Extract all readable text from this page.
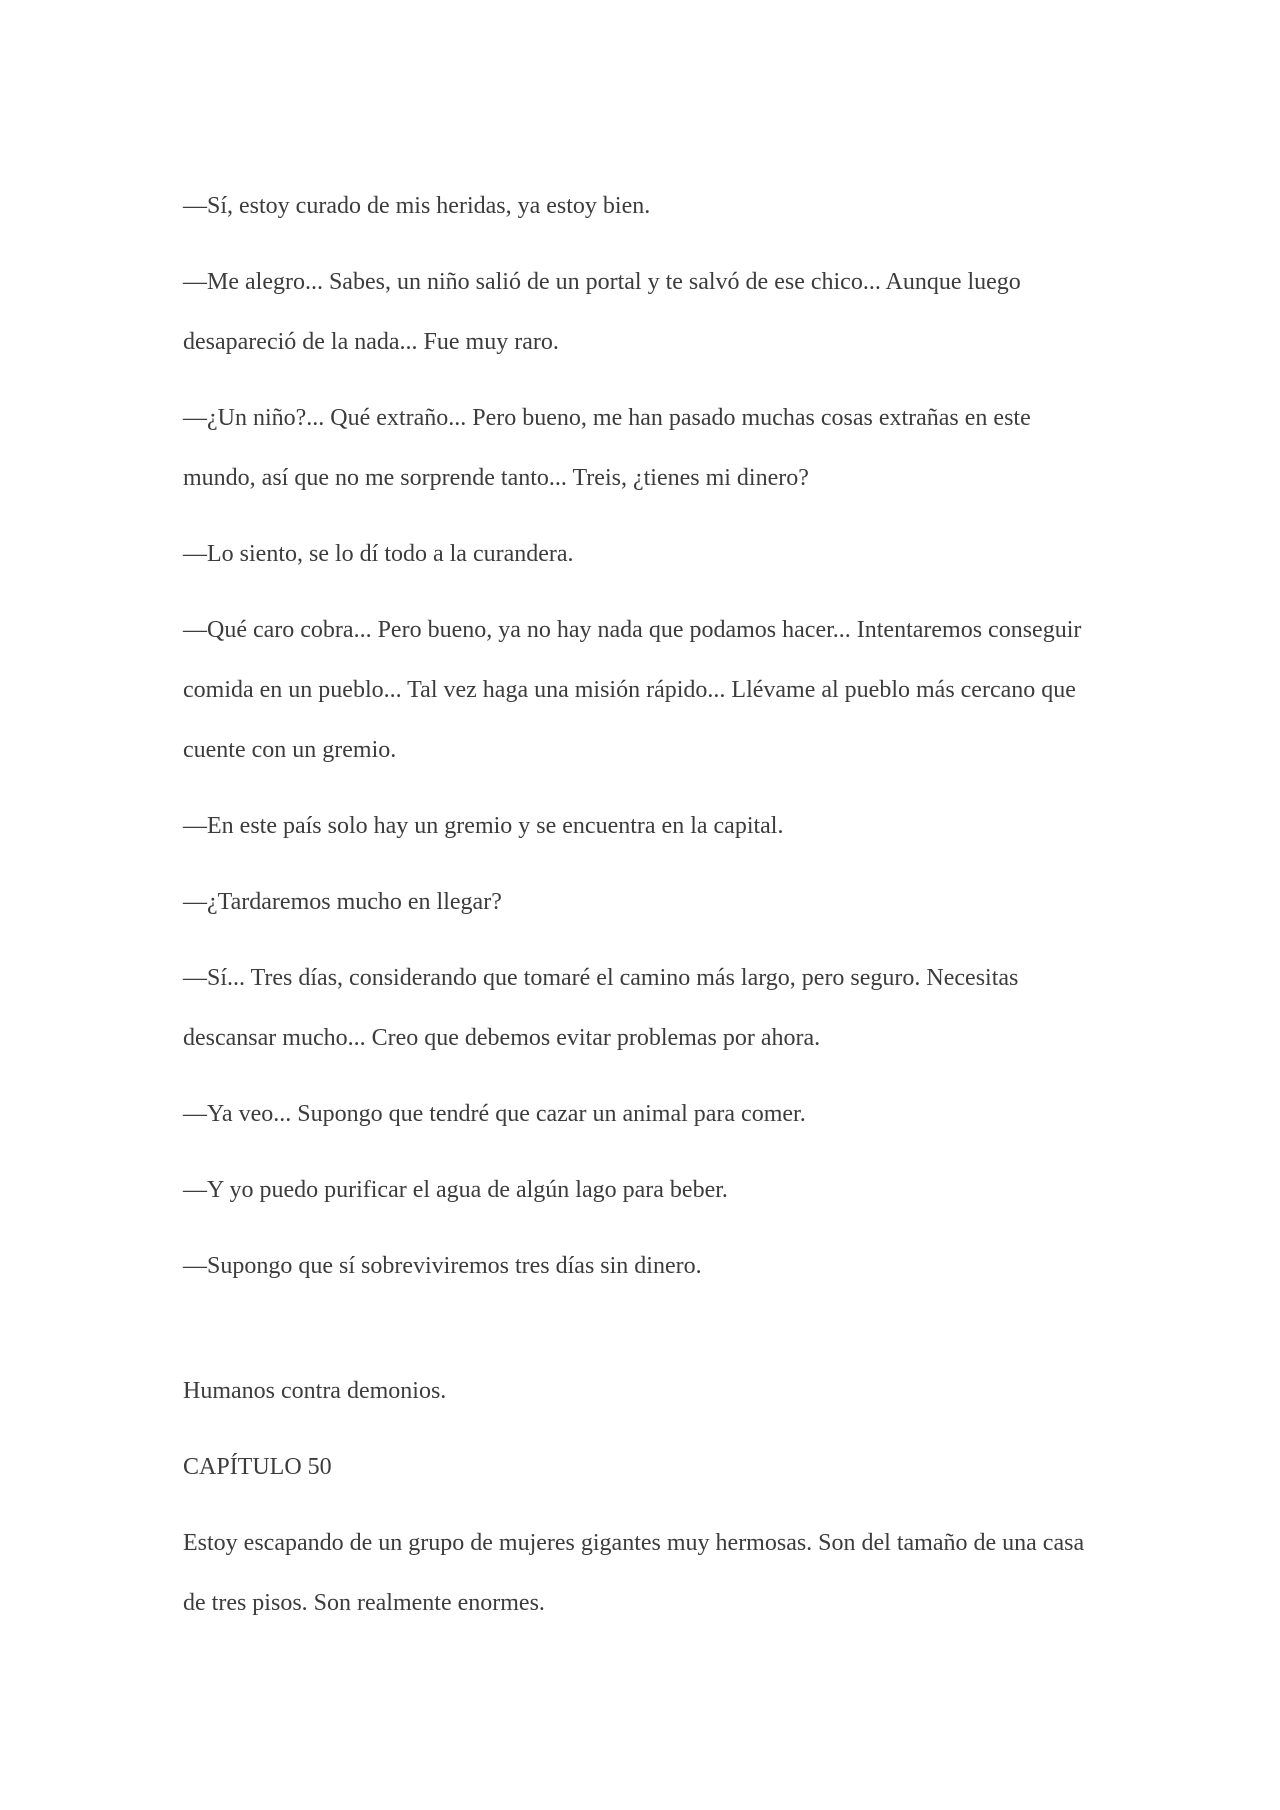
—Sí, estoy curado de mis heridas, ya estoy bien.

—Me alegro... Sabes, un niño salió de un portal y te salvó de ese chico... Aunque luego desapareció de la nada... Fue muy raro.

—¿Un niño?... Qué extraño... Pero bueno, me han pasado muchas cosas extrañas en este mundo, así que no me sorprende tanto... Treis, ¿tienes mi dinero?

—Lo siento, se lo dí todo a la curandera.

—Qué caro cobra... Pero bueno, ya no hay nada que podamos hacer... Intentaremos conseguir comida en un pueblo... Tal vez haga una misión rápido... Llévame al pueblo más cercano que cuente con un gremio.

—En este país solo hay un gremio y se encuentra en la capital.

—¿Tardaremos mucho en llegar?

—Sí... Tres días, considerando que tomaré el camino más largo, pero seguro. Necesitas descansar mucho... Creo que debemos evitar problemas por ahora.

—Ya veo... Supongo que tendré que cazar un animal para comer.

—Y yo puedo purificar el agua de algún lago para beber.

—Supongo que sí sobreviviremos tres días sin dinero.

Humanos contra demonios.

CAPÍTULO 50

Estoy escapando de un grupo de mujeres gigantes muy hermosas. Son del tamaño de una casa de tres pisos. Son realmente enormes.
